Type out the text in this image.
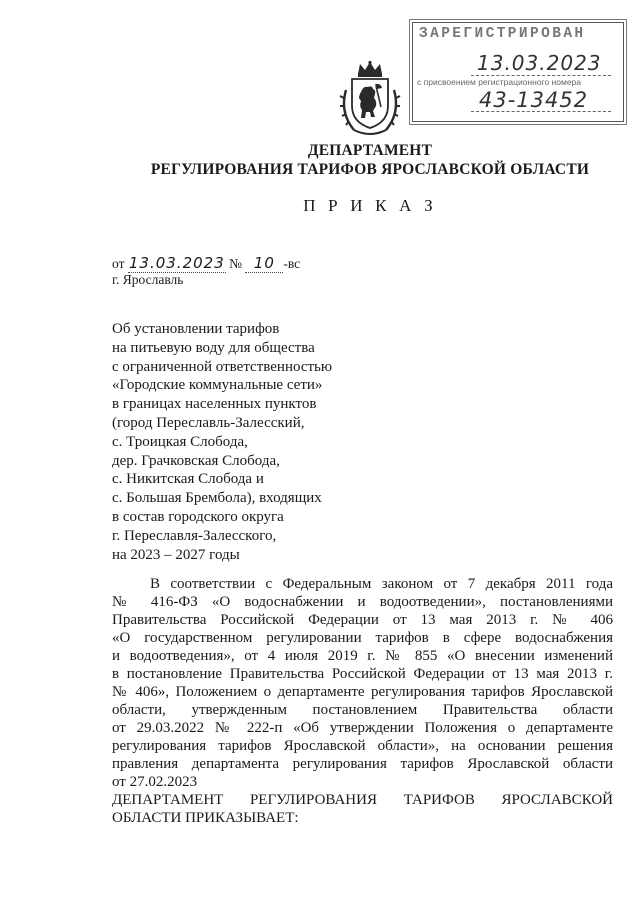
ЗАРЕГИСТРИРОВАН
13.03.2023
с присвоением регистрационного номера
43-13452
ДЕПАРТАМЕНТ
РЕГУЛИРОВАНИЯ ТАРИФОВ ЯРОСЛАВСКОЙ ОБЛАСТИ
П Р И К А З
от 13.03.2023 № 10 -вс
г. Ярославль
Об установлении тарифов
на питьевую воду для общества
с ограниченной ответственностью
«Городские коммунальные сети»
в границах населенных пунктов
(город Переславль-Залесский,
с. Троицкая Слобода,
дер. Грачковская Слобода,
с. Никитская Слобода и
с. Большая Брембола), входящих
в состав городского округа
г. Переславля-Залесского,
на 2023 – 2027 годы
В соответствии с Федеральным законом от 7 декабря 2011 года
№ 416-ФЗ «О водоснабжении и водоотведении», постановлениями
Правительства Российской Федерации от 13 мая 2013 г. № 406
«О государственном регулировании тарифов в сфере водоснабжения
и водоотведения», от 4 июля 2019 г. № 855 «О внесении изменений
в постановление Правительства Российской Федерации от 13 мая 2013 г.
№ 406», Положением о департаменте регулирования тарифов Ярославской
области, утвержденным постановлением Правительства области
от 29.03.2022 № 222-п «Об утверждении Положения о департаменте
регулирования тарифов Ярославской области», на основании решения
правления департамента регулирования тарифов Ярославской области
от 27.02.2023
ДЕПАРТАМЕНТ РЕГУЛИРОВАНИЯ ТАРИФОВ ЯРОСЛАВСКОЙ
ОБЛАСТИ ПРИКАЗЫВАЕТ:
